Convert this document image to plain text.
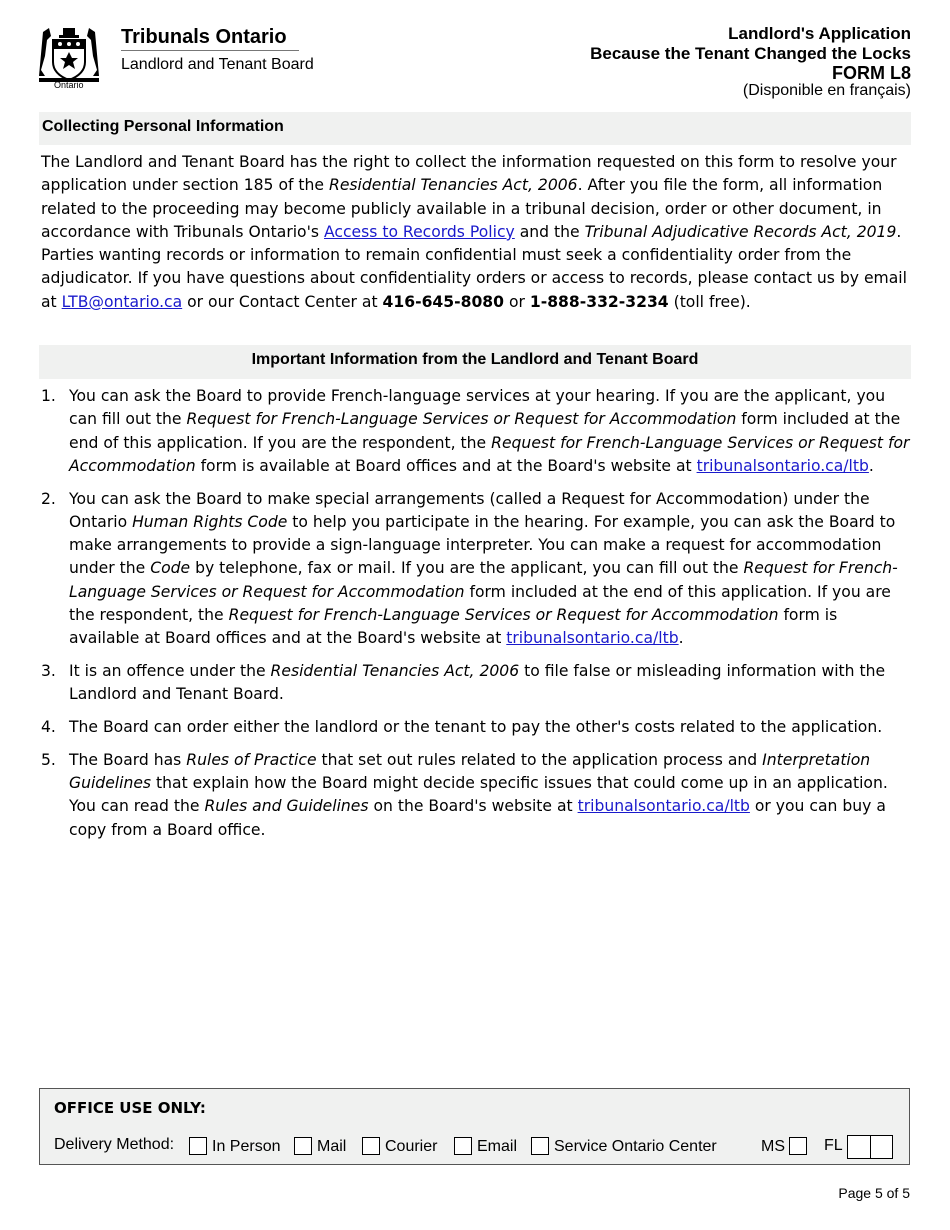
Ontario
Tribunals Ontario
Landlord and Tenant Board
Landlord's Application
Because the Tenant Changed the Locks
FORM L8
(Disponible en français)
Collecting Personal Information
The Landlord and Tenant Board has the right to collect the information requested on this form to resolve your application under section 185 of the Residential Tenancies Act, 2006. After you file the form, all information related to the proceeding may become publicly available in a tribunal decision, order or other document, in accordance with Tribunals Ontario's Access to Records Policy and the Tribunal Adjudicative Records Act, 2019. Parties wanting records or information to remain confidential must seek a confidentiality order from the adjudicator. If you have questions about confidentiality orders or access to records, please contact us by email at LTB@ontario.ca or our Contact Center at 416-645-8080 or 1-888-332-3234 (toll free).
Important Information from the Landlord and Tenant Board
1. You can ask the Board to provide French-language services at your hearing. If you are the applicant, you can fill out the Request for French-Language Services or Request for Accommodation form included at the end of this application. If you are the respondent, the Request for French-Language Services or Request for Accommodation form is available at Board offices and at the Board's website at tribunalsontario.ca/ltb.
2. You can ask the Board to make special arrangements (called a Request for Accommodation) under the Ontario Human Rights Code to help you participate in the hearing. For example, you can ask the Board to make arrangements to provide a sign-language interpreter. You can make a request for accommodation under the Code by telephone, fax or mail. If you are the applicant, you can fill out the Request for French-Language Services or Request for Accommodation form included at the end of this application. If you are the respondent, the Request for French-Language Services or Request for Accommodation form is available at Board offices and at the Board's website at tribunalsontario.ca/ltb.
3. It is an offence under the Residential Tenancies Act, 2006 to file false or misleading information with the Landlord and Tenant Board.
4. The Board can order either the landlord or the tenant to pay the other's costs related to the application.
5. The Board has Rules of Practice that set out rules related to the application process and Interpretation Guidelines that explain how the Board might decide specific issues that could come up in an application. You can read the Rules and Guidelines on the Board's website at tribunalsontario.ca/ltb or you can buy a copy from a Board office.
OFFICE USE ONLY:
Delivery Method:	In Person	Mail	Courier	Email	Service Ontario Center	MS	FL
Page 5 of 5
